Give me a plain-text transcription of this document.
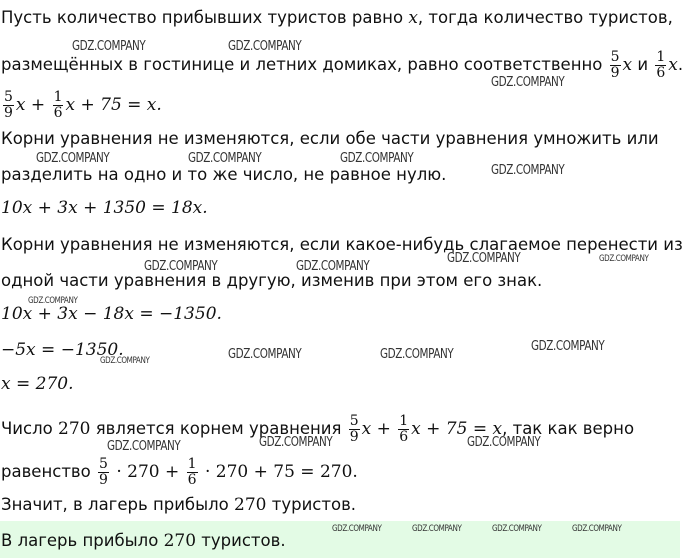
Пусть количество прибывших туристов равно x, тогда количество туристов,
размещённых в гостинице и летних домиках, равно соответственно $\frac{5}{9}$ x и $\frac{1}{6} x$.
$\frac{5}{9}$ $x + \frac{1}{6}$ x + 75 = x.
Корни уравнения не изменяются, если обе части уравнения умножить или
разделить на одно и то же число, не равное нулю.
10x + 3x + 1350 = 18x.
Корни уравнения не изменяются, если какое-нибудь слагаемое перенести из
одной части уравнения в другую, изменив при этом его знак.
10x + 3x − 18x = −1350.
−5x = −1350.
x = 270.
Число 270 является корнем уравнения $\frac{5}{9}$ $x + \frac{1}{6}$ x + 75 = x, так как верно
равенство $\frac{5}{9} \cdot 270 + \frac{1}{6} \cdot 270 + 75 = 270$.
Значит, в лагерь прибыло 270 туристов.
В лагерь прибыло 270 туристов.
GDZ.COMPANY	GDZ.COMPANY
GDZ.COMPANY
GDZ.COMPANY	GDZ.COMPANY	GDZ.COMPANY
GDZ.COMPANY
GDZ.COMPANY	GDZ.COMPANY
GDZ.COMPANY	GDZ.COMPANY
GDZ.COMPANY
GDZ.COMPANY
GDZ.COMPANY	GDZ.COMPANY
GDZ.COMPANY
GDZ.COMPANY	GDZ.COMPANY	GDZ.COMPANY
GDZ.COMPANY	GDZ.COMPANY	GDZ.COMPANY	GDZ.COMPANY
